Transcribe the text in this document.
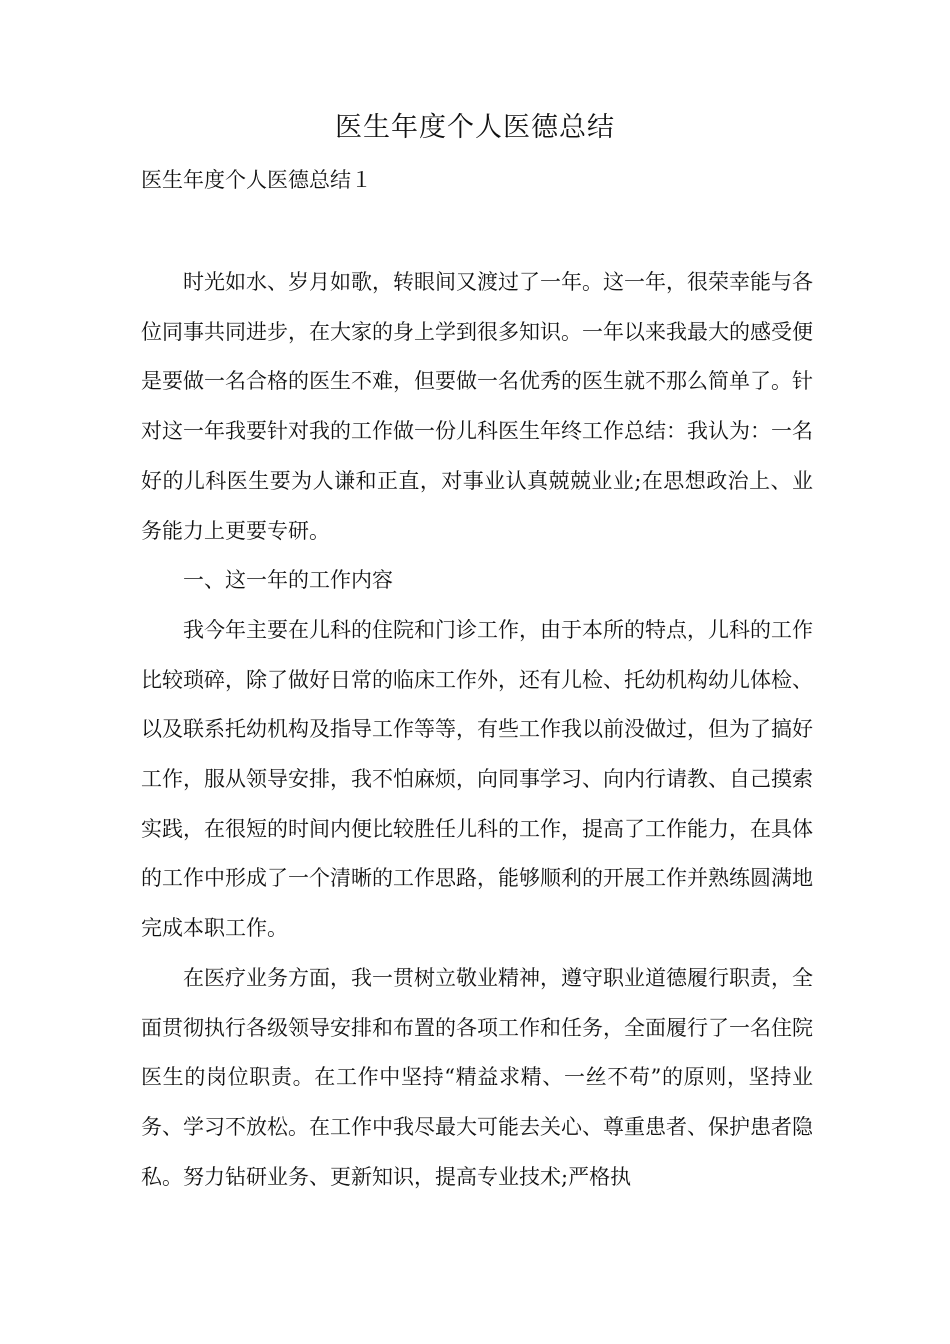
医生年度个人医德总结
医生年度个人医德总结１

时光如水、岁月如歌，转眼间又渡过了一年。这一年，很荣幸能与各位同事共同进步，在大家的身上学到很多知识。一年以来我最大的感受便是要做一名合格的医生不难，但要做一名优秀的医生就不那么简单了。针对这一年我要针对我的工作做一份儿科医生年终工作总结：我认为：一名好的儿科医生要为人谦和正直，对事业认真兢兢业业;在思想政治上、业务能力上更要专研。

一、这一年的工作内容

我今年主要在儿科的住院和门诊工作，由于本所的特点，儿科的工作比较琐碎，除了做好日常的临床工作外，还有儿检、托幼机构幼儿体检、以及联系托幼机构及指导工作等等，有些工作我以前没做过，但为了搞好工作，服从领导安排，我不怕麻烦，向同事学习、向内行请教、自己摸索实践，在很短的时间内便比较胜任儿科的工作，提高了工作能力，在具体的工作中形成了一个清晰的工作思路，能够顺利的开展工作并熟练圆满地完成本职工作。

在医疗业务方面，我一贯树立敬业精神，遵守职业道德履行职责，全面贯彻执行各级领导安排和布置的各项工作和任务，全面履行了一名住院医生的岗位职责。在工作中坚持“精益求精、一丝不苟”的原则，坚持业务、学习不放松。在工作中我尽最大可能去关心、尊重患者、保护患者隐私。努力钻研业务、更新知识，提高专业技术;严格执
